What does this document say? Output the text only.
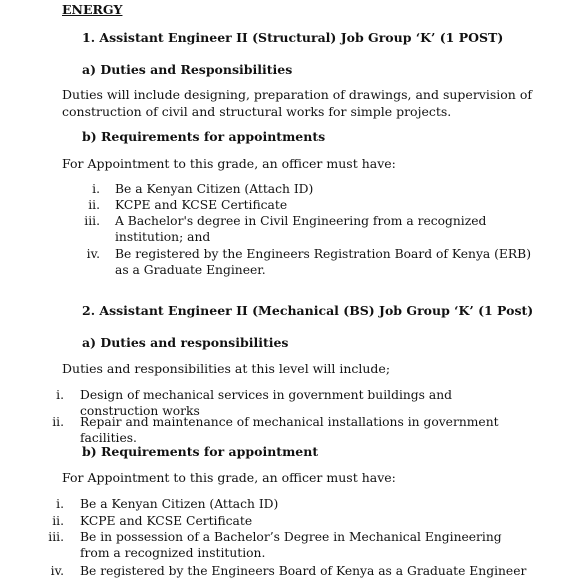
ENERGY
1. Assistant Engineer II (Structural) Job Group ‘K’ (1 POST)
a) Duties and Responsibilities
Duties will include designing, preparation of drawings, and supervision of construction of civil and structural works for simple projects.
b) Requirements for appointments
For Appointment to this grade, an officer must have:
i. Be a Kenyan Citizen (Attach ID)
ii. KCPE and KCSE Certificate
iii. A Bachelor's degree in Civil Engineering from a recognized institution; and
iv. Be registered by the Engineers Registration Board of Kenya (ERB) as a Graduate Engineer.
2. Assistant Engineer II (Mechanical (BS) Job Group ‘K’ (1 Post)
a) Duties and responsibilities
Duties and responsibilities at this level will include;
i. Design of mechanical services in government buildings and construction works
ii. Repair and maintenance of mechanical installations in government facilities.
b) Requirements for appointment
For Appointment to this grade, an officer must have:
i. Be a Kenyan Citizen (Attach ID)
ii. KCPE and KCSE Certificate
iii. Be in possession of a Bachelor’s Degree in Mechanical Engineering from a recognized institution.
iv. Be registered by the Engineers Board of Kenya as a Graduate Engineer
